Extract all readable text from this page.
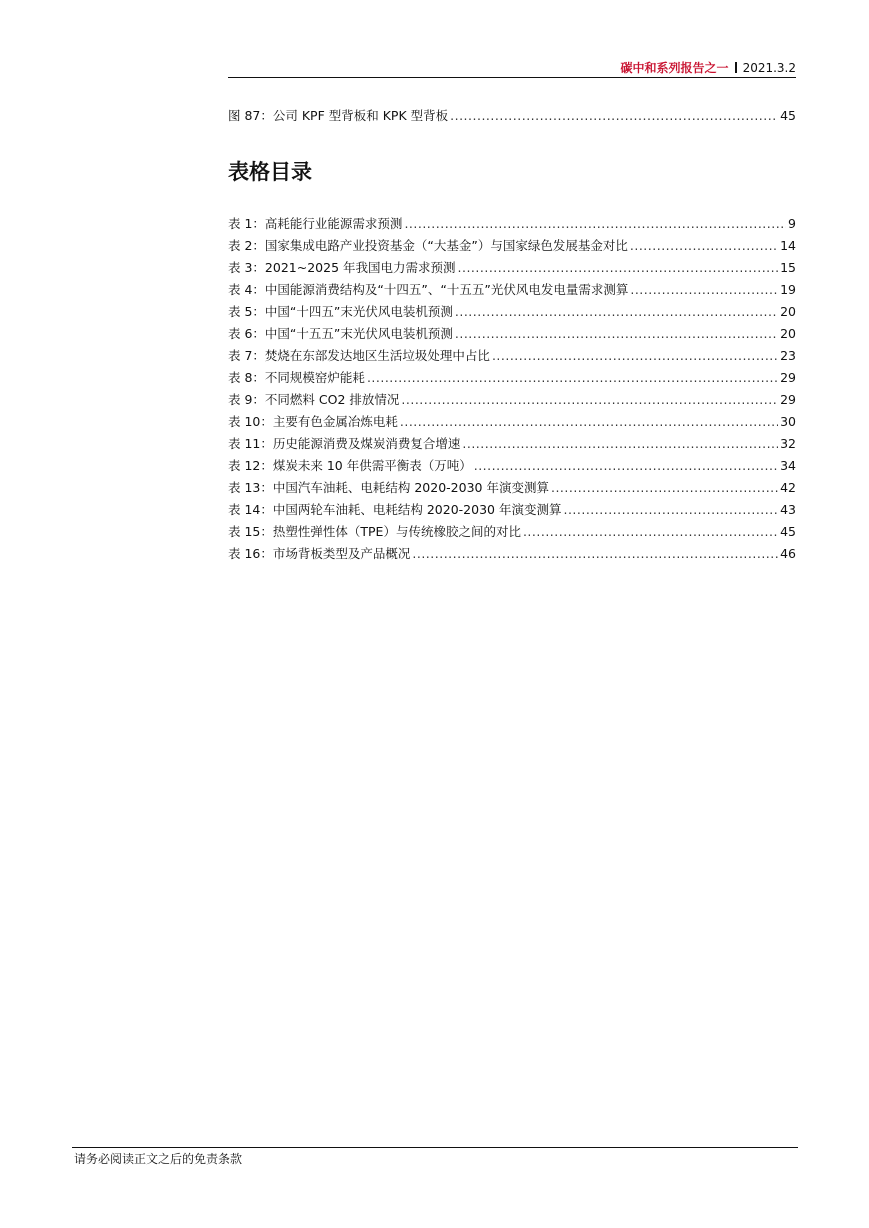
碳中和系列报告之一 2021.3.2
图 87：公司 KPF 型背板和 KPK 型背板 .....	45
表格目录
表 1：高耗能行业能源需求预测 .....	9
表 2：国家集成电路产业投资基金（“大基金”）与国家绿色发展基金对比 .....	14
表 3：2021~2025 年我国电力需求预测 .....	15
表 4：中国能源消费结构及“十四五”、“十五五”光伏风电发电量需求测算 .....	19
表 5：中国“十四五”末光伏风电装机预测 .....	20
表 6：中国“十五五”末光伏风电装机预测 .....	20
表 7：焚烧在东部发达地区生活垃圾处理中占比 .....	23
表 8：不同规模窑炉能耗 .....	29
表 9：不同燃料 CO2 排放情况 .....	29
表 10：主要有色金属冶炼电耗 .....	30
表 11：历史能源消费及煤炭消费复合增速 .....	32
表 12：煤炭未来 10 年供需平衡表（万吨） .....	34
表 13：中国汽车油耗、电耗结构 2020-2030 年演变测算 .....	42
表 14：中国两轮车油耗、电耗结构 2020-2030 年演变测算 .....	43
表 15：热塑性弹性体（TPE）与传统橡胶之间的对比 .....	45
表 16：市场背板类型及产品概况 .....	46
请务必阅读正文之后的免责条款
